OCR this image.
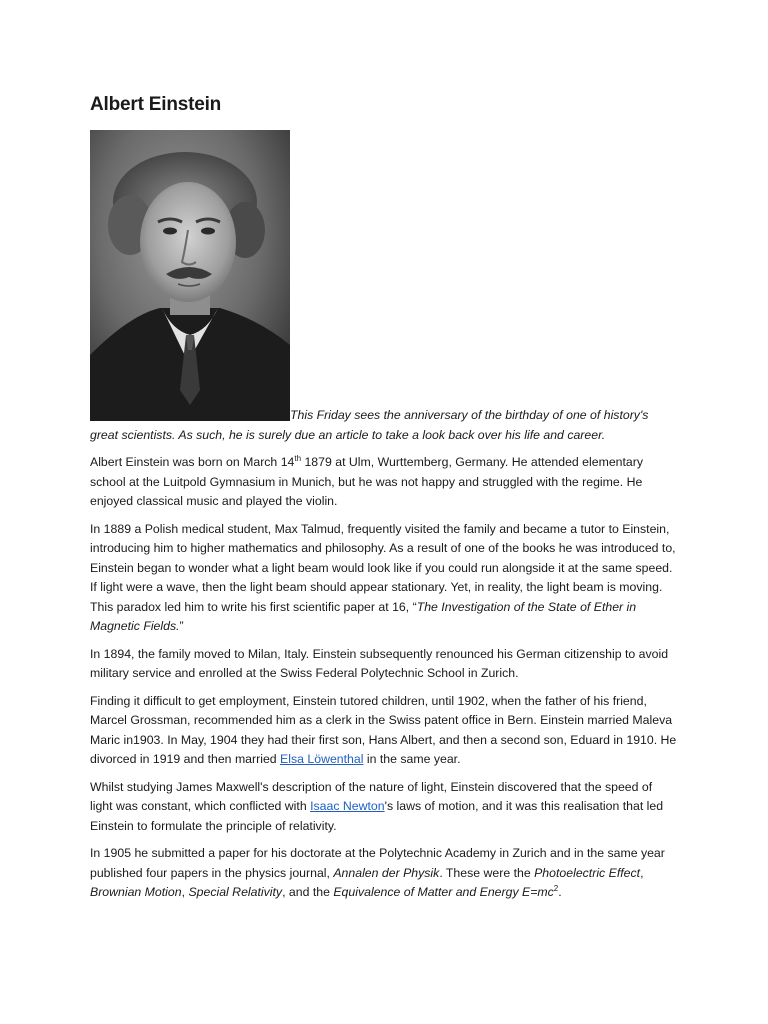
Albert Einstein

This Friday sees the anniversary of the birthday of one of history's great scientists. As such, he is surely due an article to take a look back over his life and career.

Albert Einstein was born on March 14th 1879 at Ulm, Wurttemberg, Germany. He attended elementary school at the Luitpold Gymnasium in Munich, but he was not happy and struggled with the regime. He enjoyed classical music and played the violin.

In 1889 a Polish medical student, Max Talmud, frequently visited the family and became a tutor to Einstein, introducing him to higher mathematics and philosophy. As a result of one of the books he was introduced to, Einstein began to wonder what a light beam would look like if you could run alongside it at the same speed. If light were a wave, then the light beam should appear stationary. Yet, in reality, the light beam is moving. This paradox led him to write his first scientific paper at 16, “The Investigation of the State of Ether in Magnetic Fields.”

In 1894, the family moved to Milan, Italy. Einstein subsequently renounced his German citizenship to avoid military service and enrolled at the Swiss Federal Polytechnic School in Zurich.

Finding it difficult to get employment, Einstein tutored children, until 1902, when the father of his friend, Marcel Grossman, recommended him as a clerk in the Swiss patent office in Bern. Einstein married Maleva Maric in1903. In May, 1904 they had their first son, Hans Albert, and then a second son, Eduard in 1910. He divorced in 1919 and then married Elsa Löwenthal in the same year.

Whilst studying James Maxwell's description of the nature of light, Einstein discovered that the speed of light was constant, which conflicted with Isaac Newton's laws of motion, and it was this realisation that led Einstein to formulate the principle of relativity.

In 1905 he submitted a paper for his doctorate at the Polytechnic Academy in Zurich and in the same year published four papers in the physics journal, Annalen der Physik. These were the Photoelectric Effect, Brownian Motion, Special Relativity, and the Equivalence of Matter and Energy $E=mc^2$.
